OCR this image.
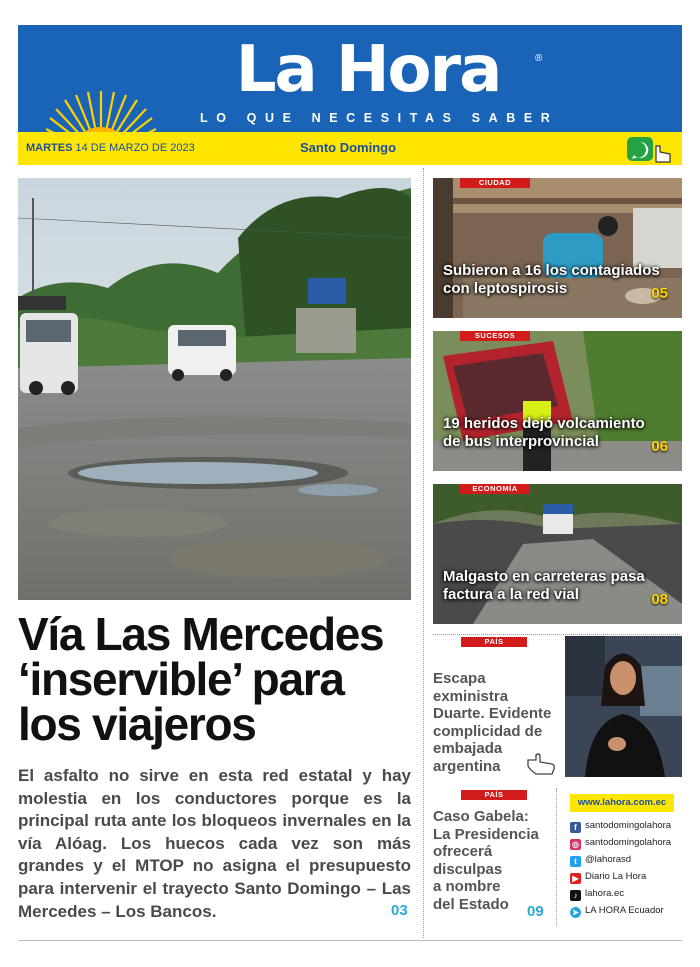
La Hora	®
LO QUE NECESITAS SABER
MARTES 14 DE MARZO DE 2023	Santo Domingo
Vía Las Mercedes
‘inservible’ para
los viajeros
El asfalto no sirve en esta red estatal y hay molestia en los conductores porque es la principal ruta ante los bloqueos invernales en la vía Alóag. Los huecos cada vez son más grandes y el MTOP no asigna el presupuesto para intervenir el trayecto Santo Domingo – Las Mercedes – Los Bancos.	03
CIUDAD
Subieron a 16 los contagiados
con leptospirosis	05
SUCESOS
19 heridos dejó volcamiento
de bus interprovincial	06
ECONOMÍA
Malgasto en carreteras pasa
factura a la red vial	08
PAÍS
Escapa exministra
Duarte. Evidente
complicidad de
embajada
argentina
PAÍS
Caso Gabela:
La Presidencia
ofrecerá
disculpas
a nombre
del Estado	09
www.lahora.com.ec
f santodomingolahora
◎ santodomingolahora
t @lahorasd
▶ Diario La Hora
♪ lahora.ec
➤ LA HORA Ecuador
